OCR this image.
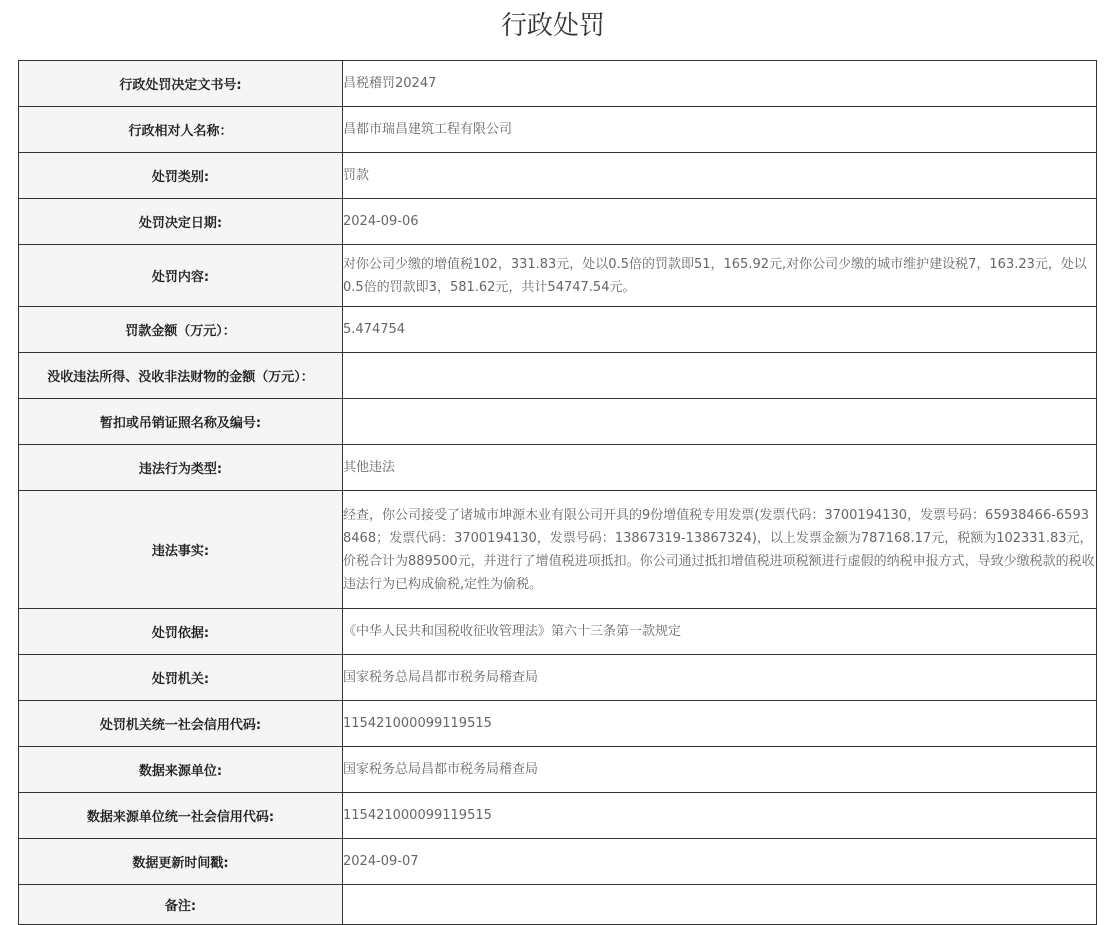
行政处罚
行政处罚决定文书号:	昌税稽罚20247
行政相对人名称：	昌都市瑞昌建筑工程有限公司
处罚类别:	罚款
处罚决定日期:	2024-09-06
处罚内容:	对你公司少缴的增值税102，331.83元，处以0.5倍的罚款即51，165.92元,对你公司少缴的城市维护建设税7，163.23元，处以0.5倍的罚款即3，581.62元，共计54747.54元。
罚款金额（万元）：	5.474754
没收违法所得、没收非法财物的金额（万元）：	
暂扣或吊销证照名称及编号:	
违法行为类型:	其他违法
违法事实:	经查，你公司接受了诸城市坤源木业有限公司开具的9份增值税专用发票(发票代码：3700194130，发票号码：65938466-65938468；发票代码：3700194130，发票号码：13867319-13867324)，以上发票金额为787168.17元，税额为102331.83元，价税合计为889500元，并进行了增值税进项抵扣。你公司通过抵扣增值税进项税额进行虚假的纳税申报方式，导致少缴税款的税收违法行为已构成偷税,定性为偷税。
处罚依据:	《中华人民共和国税收征收管理法》第六十三条第一款规定
处罚机关:	国家税务总局昌都市税务局稽查局
处罚机关统一社会信用代码:	115421000099119515
数据来源单位:	国家税务总局昌都市税务局稽查局
数据来源单位统一社会信用代码:	115421000099119515
数据更新时间戳:	2024-09-07
备注:	
